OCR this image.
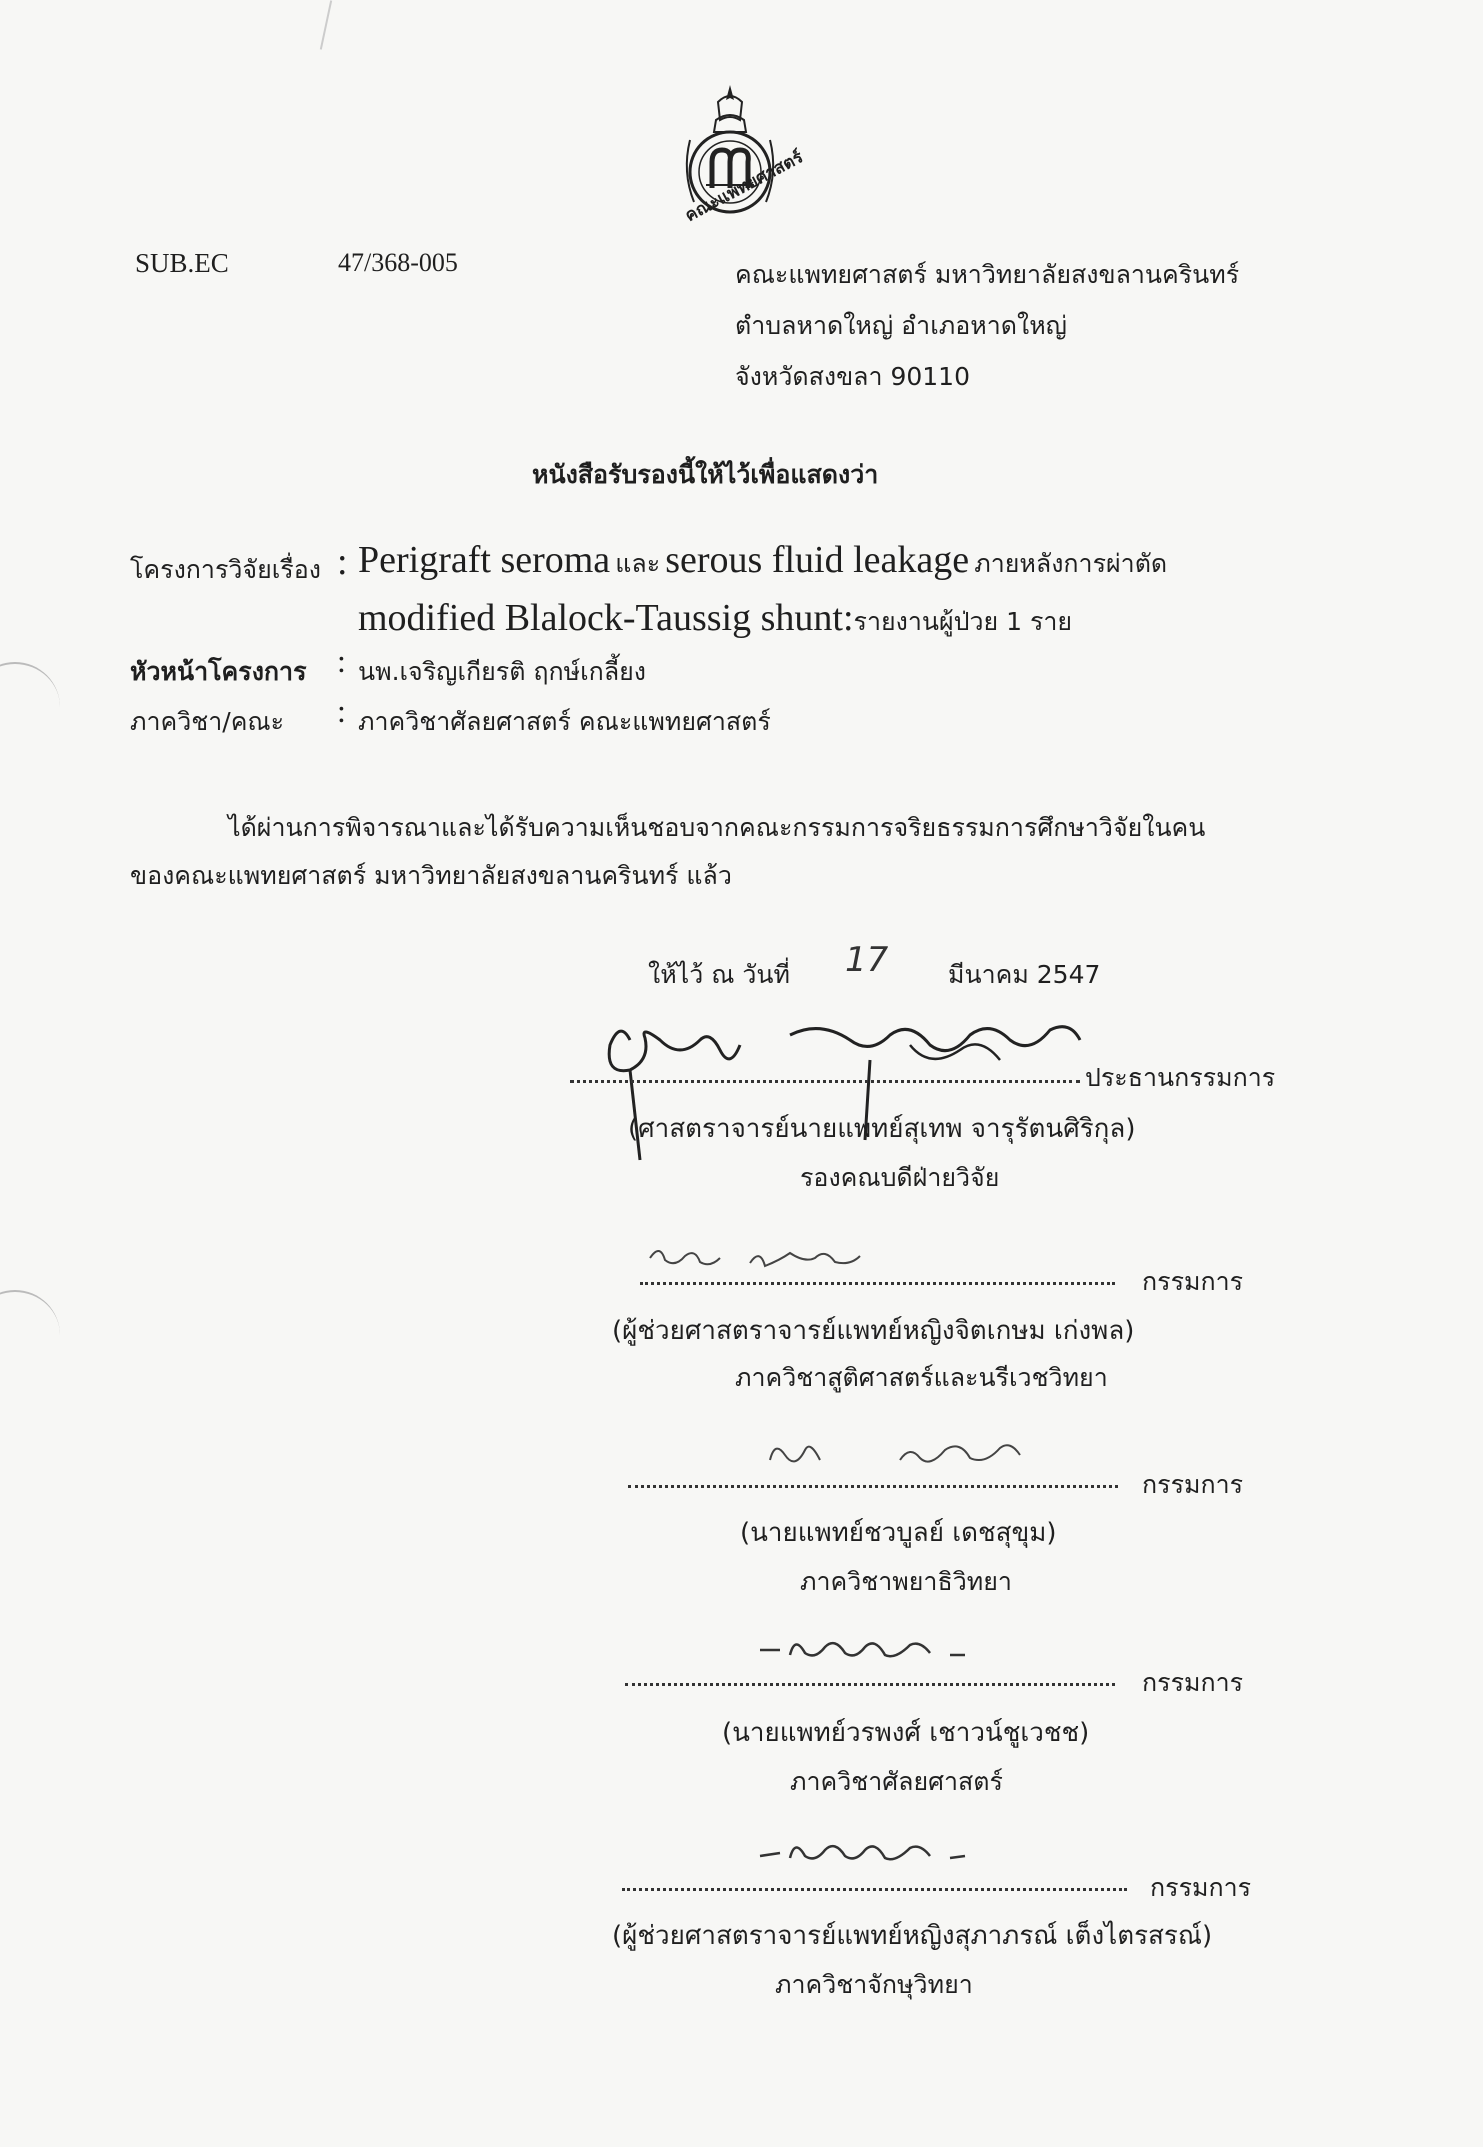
คณะแพทยศาสตร์
SUB.EC	47/368-005	คณะแพทยศาสตร์ มหาวิทยาลัยสงขลานครินทร์
ตำบลหาดใหญ่ อำเภอหาดใหญ่
จังหวัดสงขลา 90110
หนังสือรับรองนี้ให้ไว้เพื่อแสดงว่า
โครงการวิจัยเรื่อง : Perigraft seroma และ serous fluid leakage ภายหลังการผ่าตัด
modified Blalock-Taussig shunt:รายงานผู้ป่วย 1 ราย
หัวหน้าโครงการ : นพ.เจริญเกียรติ ฤกษ์เกลี้ยง
ภาควิชา/คณะ : ภาควิชาศัลยศาสตร์ คณะแพทยศาสตร์
ได้ผ่านการพิจารณาและได้รับความเห็นชอบจากคณะกรรมการจริยธรรมการศึกษาวิจัยในคน
ของคณะแพทยศาสตร์ มหาวิทยาลัยสงขลานครินทร์ แล้ว
ให้ไว้ ณ วันที่ 17 มีนาคม 2547
ประธานกรรมการ
(ศาสตราจารย์นายแพทย์สุเทพ จารุรัตนศิริกุล)
รองคณบดีฝ่ายวิจัย
กรรมการ
(ผู้ช่วยศาสตราจารย์แพทย์หญิงจิตเกษม เก่งพล)
ภาควิชาสูติศาสตร์และนรีเวชวิทยา
กรรมการ
(นายแพทย์ชวบูลย์ เดชสุขุม)
ภาควิชาพยาธิวิทยา
กรรมการ
(นายแพทย์วรพงศ์ เชาวน์ชูเวชช)
ภาควิชาศัลยศาสตร์
กรรมการ
(ผู้ช่วยศาสตราจารย์แพทย์หญิงสุภาภรณ์ เต็งไตรสรณ์)
ภาควิชาจักษุวิทยา
